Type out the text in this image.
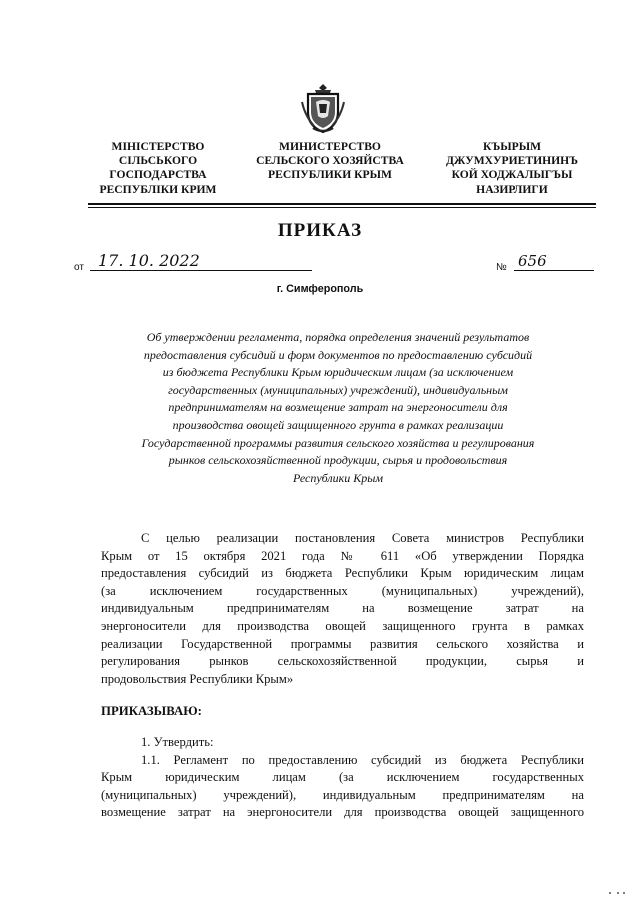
МІНІСТЕРСТВО
СІЛЬСЬКОГО
ГОСПОДАРСТВА
РЕСПУБЛІКИ КРИМ
МИНИСТЕРСТВО
СЕЛЬСКОГО ХОЗЯЙСТВА
РЕСПУБЛИКИ КРЫМ
КЪЫРЫМ
ДЖУМХУРИЕТИНИНЪ
КОЙ ХОДЖАЛЫГЪЫ
НАЗИРЛИГИ
ПРИКАЗ
от 17. 10. 2022	№ 656
г. Симферополь
Об утверждении регламента, порядка определения значений результатов
предоставления субсидий и форм документов по предоставлению субсидий
из бюджета Республики Крым юридическим лицам (за исключением
государственных (муниципальных) учреждений), индивидуальным
предпринимателям на возмещение затрат на энергоносители для
производства овощей защищенного грунта в рамках реализации
Государственной программы развития сельского хозяйства и регулирования
рынков сельскохозяйственной продукции, сырья и продовольствия
Республики Крым
С целью реализации постановления Совета министров Республики
Крым от 15 октября 2021 года № 611 «Об утверждении Порядка
предоставления субсидий из бюджета Республики Крым юридическим лицам
(за исключением государственных (муниципальных) учреждений),
индивидуальным предпринимателям на возмещение затрат на
энергоносители для производства овощей защищенного грунта в рамках
реализации Государственной программы развития сельского хозяйства и
регулирования рынков сельскохозяйственной продукции, сырья и
продовольствия Республики Крым»
ПРИКАЗЫВАЮ:
1. Утвердить:
1.1. Регламент по предоставлению субсидий из бюджета Республики
Крым юридическим лицам (за исключением государственных
(муниципальных) учреждений), индивидуальным предпринимателям на
возмещение затрат на энергоносители для производства овощей защищенного
